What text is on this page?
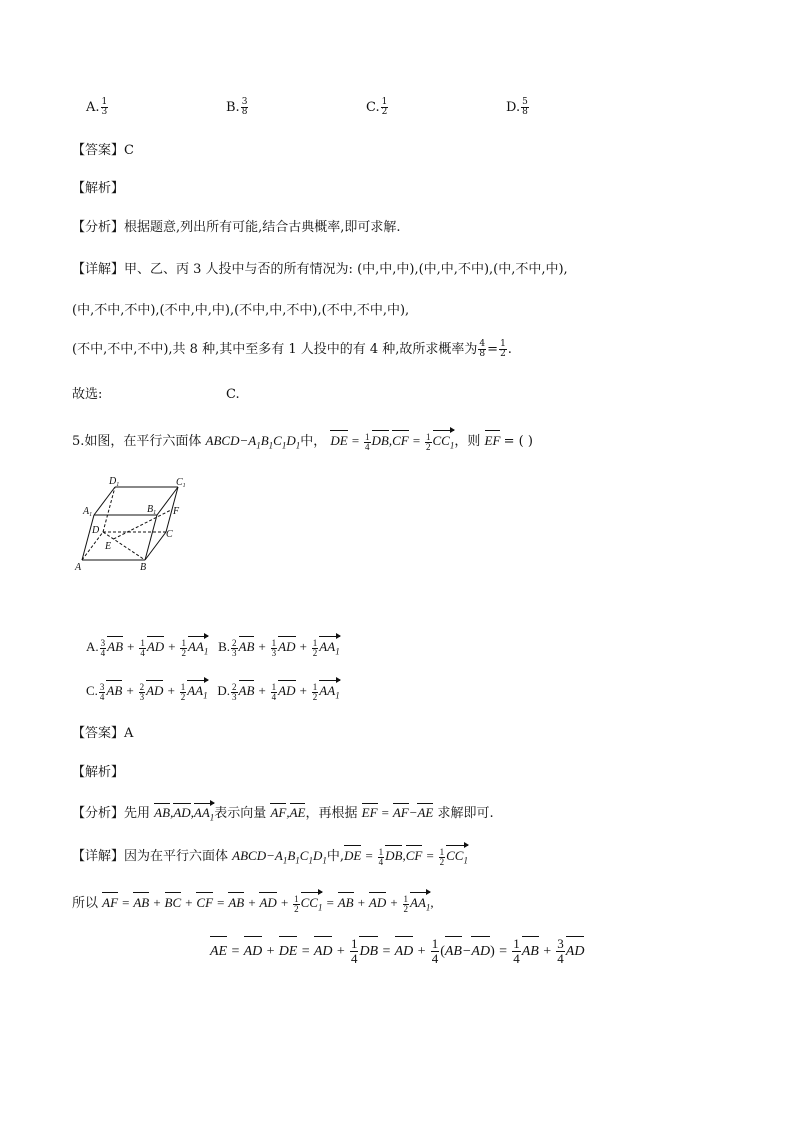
A. $\frac{1}{3}$	B. $\frac{3}{8}$	C. $\frac{1}{2}$	D. $\frac{5}{8}$
【答案】C
【解析】
【分析】根据题意,列出所有可能,结合古典概率,即可求解.
【详解】甲、乙、丙 3 人投中与否的所有情况为: (中,中,中),(中,中,不中),(中,不中,中),
(中,不中,不中),(不中,中,中),(不中,中,不中),(不中,不中,中),
(不中,不中,不中),共 8 种,其中至多有 1 人投中的有 4 种,故所求概率为 $\frac{4}{8} = \frac{1}{2}$ .
故选:	C.
5.如图，在平行六面体 $ABCD-A_1B_1C_1D_1$中， DE = $\frac{1}{4} DB,CF = \frac{1}{2} CC_1$，则 EF = ( )
$D_1$	$C_1$
$A_1$	$B_1$ F
D	C
E
A	B
A. $\frac{3}{4}$ AB + $\frac{1}{4}$ AD + $\frac{1}{2} AA_1$ B. $\frac{2}{3}$ AB + $\frac{1}{3}$ AD + $\frac{1}{2} AA_1$
C. $\frac{3}{4}$ AB + $\frac{2}{3}$ AD + $\frac{1}{2} AA_1$ D. $\frac{2}{3}$ AB + $\frac{1}{4}$ AD + $\frac{1}{2} AA_1$
【答案】A
【解析】
【分析】先用 $AB,AD,AA_1$表示向量 AF,AE，再根据 EF = AF−AE 求解即可.
【详解】因为在平行六面体 $ABCD-A_1B_1C_1D_1$中$,DE = \frac{1}{4} DB,CF = \frac{1}{2} CC_1$
所以 AF = AB + BC + CF = AB + AD + $\frac{1}{2} CC_1$ = AB + AD + $\frac{1}{2} AA_1$,
AE = AD + DE = AD + $\frac{1}{4}$ DB = AD + $\frac{1}{4} (AB-AD) = \frac{1}{4}$ AB + $\frac{3}{4}$ AD
